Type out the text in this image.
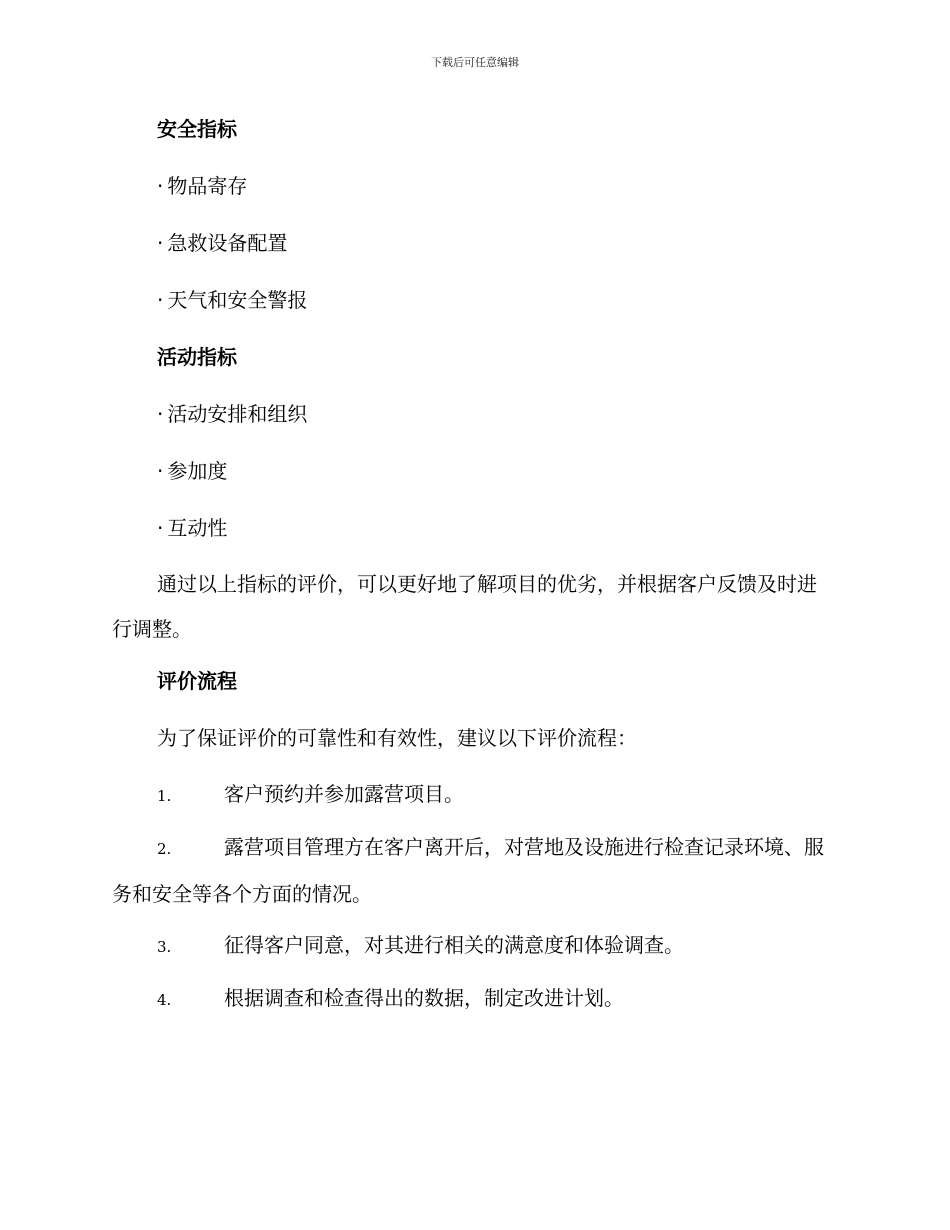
下载后可任意编辑
安全指标
· 物品寄存
· 急救设备配置
· 天气和安全警报
活动指标
· 活动安排和组织
· 参加度
· 互动性
通过以上指标的评价，可以更好地了解项目的优劣，并根据客户反馈及时进行调整。
评价流程
为了保证评价的可靠性和有效性，建议以下评价流程：
1.	客户预约并参加露营项目。
2.	露营项目管理方在客户离开后，对营地及设施进行检查记录环境、服务和安全等各个方面的情况。
3.	征得客户同意，对其进行相关的满意度和体验调查。
4.	根据调查和检查得出的数据，制定改进计划。
